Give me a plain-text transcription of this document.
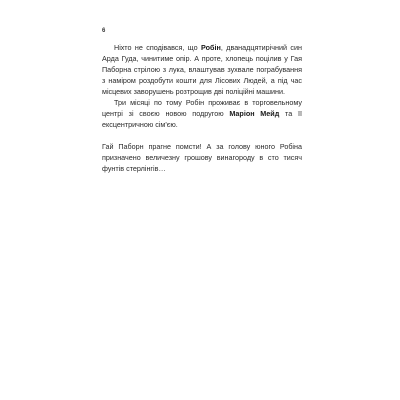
6

Ніхто не сподівався, що Робін, дванадцятирічний син Арда Гуда, чинитиме опір. А проте, хлопець поцілив у Гая Паборна стрілою з лука, влаштував зухвале пограбування з наміром роздобути кошти для Лісових Людей, а під час місцевих заворушень розтрощив дві поліційні машини.

Три місяці по тому Робін проживає в торговельному центрі зі своєю новою подругою Маріон Мейд та її ексцентричною сім'єю.

Гай Паборн прагне помсти! А за голову юного Робіна призначено величезну грошову винагороду в сто тисяч фунтів стерлінгів…
